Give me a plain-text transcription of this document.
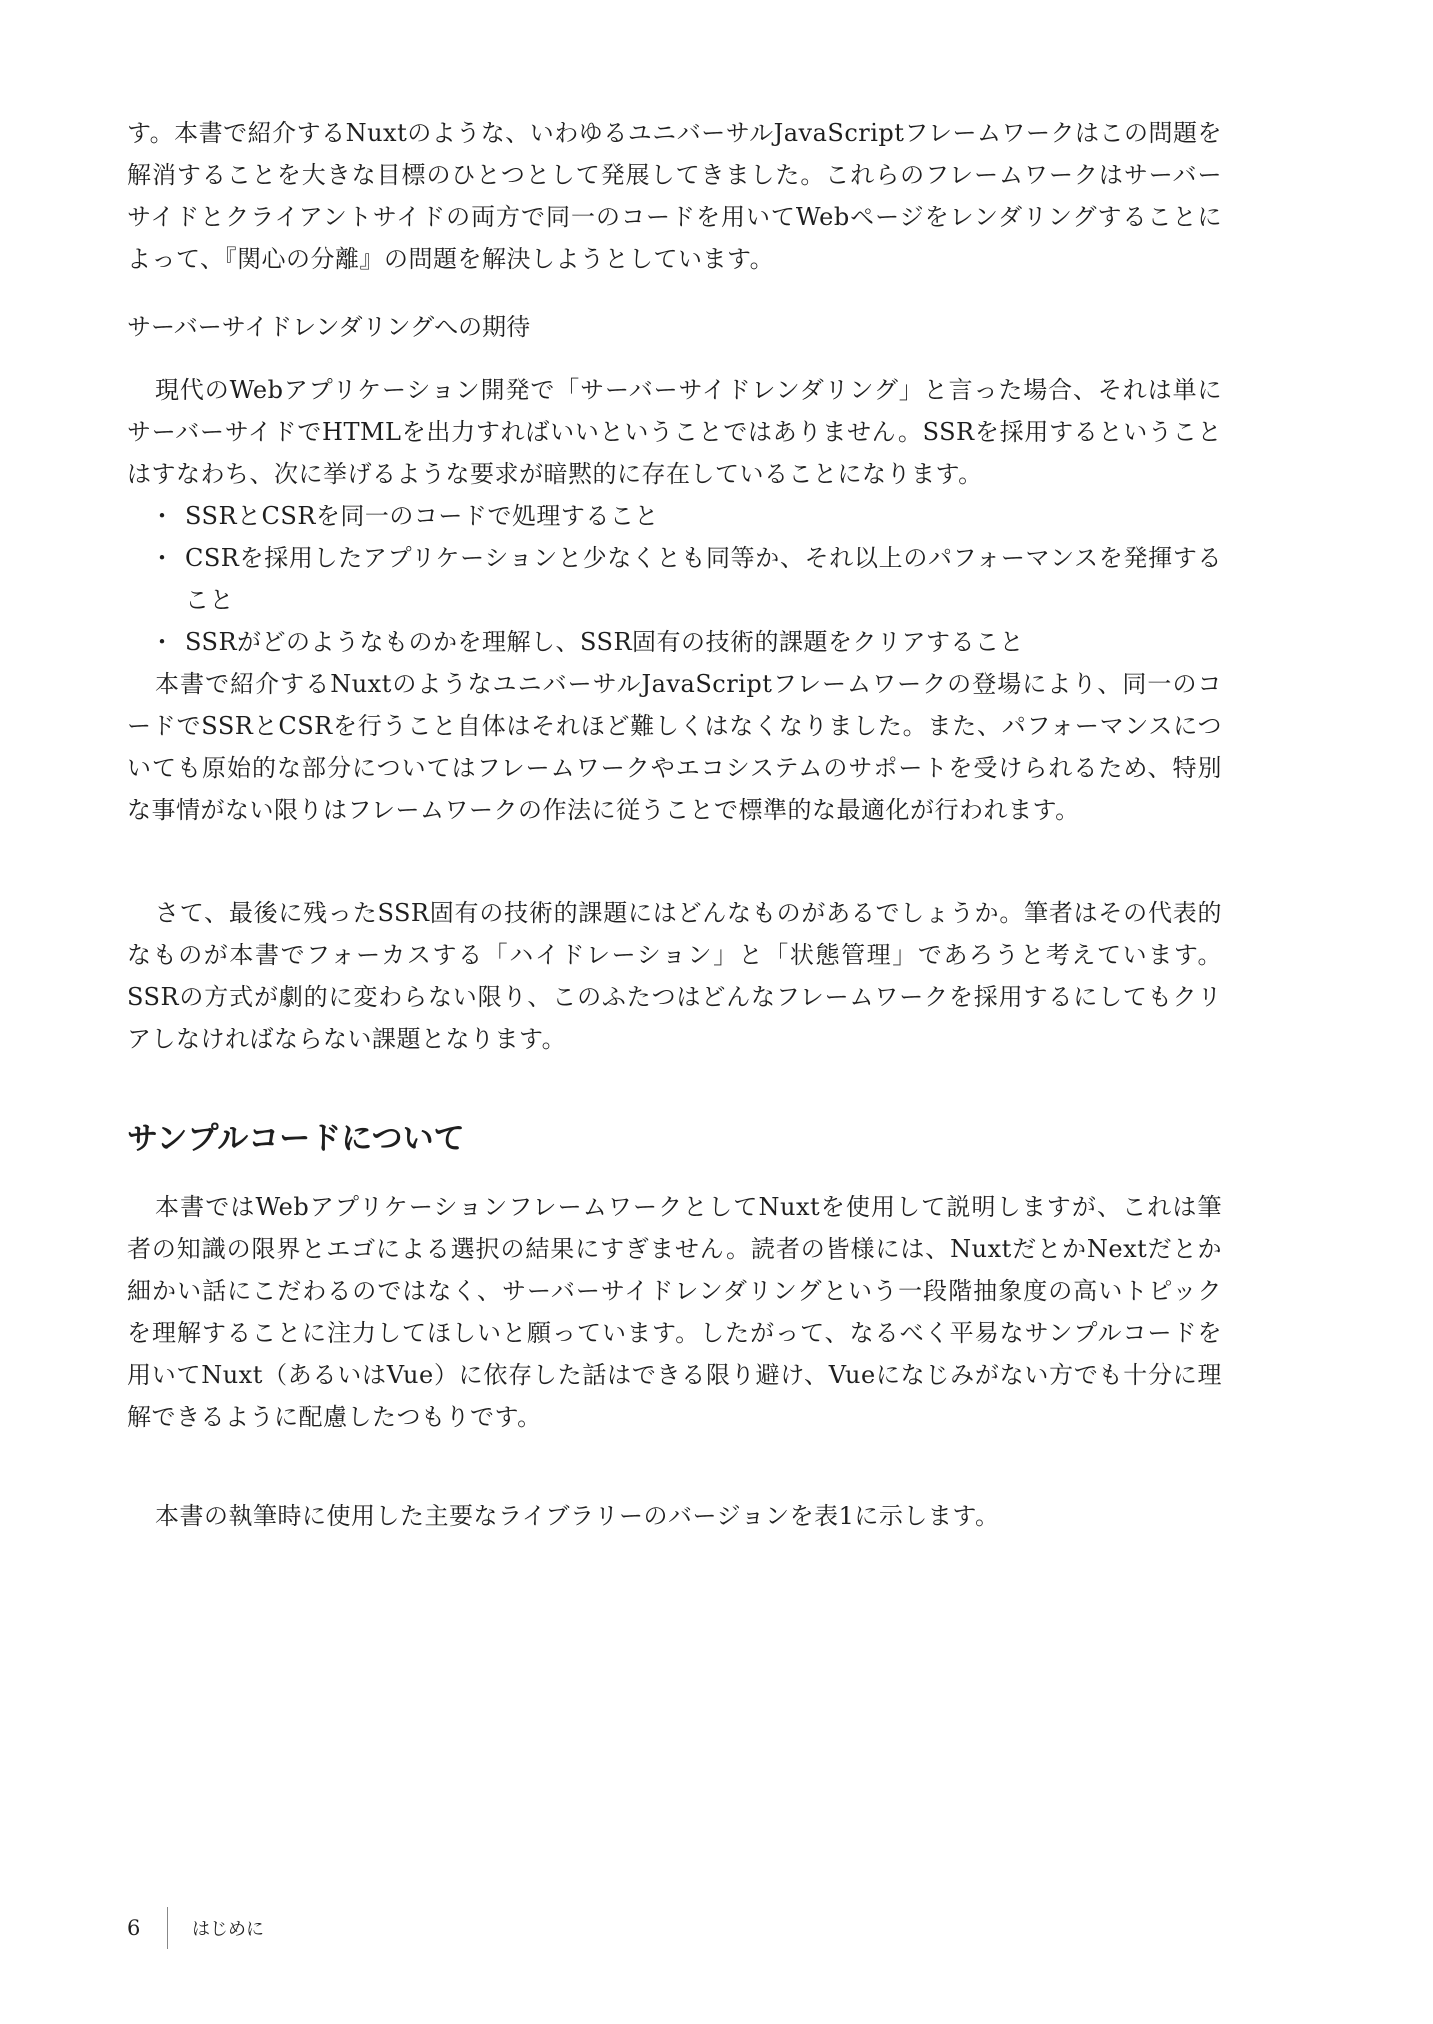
す。本書で紹介するNuxtのような、いわゆるユニバーサルJavaScriptフレームワークはこの問題を解消することを大きな目標のひとつとして発展してきました。これらのフレームワークはサーバーサイドとクライアントサイドの両方で同一のコードを用いてWebページをレンダリングすることによって、『関心の分離』の問題を解決しようとしています。

サーバーサイドレンダリングへの期待

現代のWebアプリケーション開発で「サーバーサイドレンダリング」と言った場合、それは単にサーバーサイドでHTMLを出力すればいいということではありません。SSRを採用するということはすなわち、次に挙げるような要求が暗黙的に存在していることになります。

・ SSRとCSRを同一のコードで処理すること
・ CSRを採用したアプリケーションと少なくとも同等か、それ以上のパフォーマンスを発揮すること
・ SSRがどのようなものかを理解し、SSR固有の技術的課題をクリアすること

本書で紹介するNuxtのようなユニバーサルJavaScriptフレームワークの登場により、同一のコードでSSRとCSRを行うこと自体はそれほど難しくはなくなりました。また、パフォーマンスについても原始的な部分についてはフレームワークやエコシステムのサポートを受けられるため、特別な事情がない限りはフレームワークの作法に従うことで標準的な最適化が行われます。

さて、最後に残ったSSR固有の技術的課題にはどんなものがあるでしょうか。筆者はその代表的なものが本書でフォーカスする「ハイドレーション」と「状態管理」であろうと考えています。SSRの方式が劇的に変わらない限り、このふたつはどんなフレームワークを採用するにしてもクリアしなければならない課題となります。

サンプルコードについて

本書ではWebアプリケーションフレームワークとしてNuxtを使用して説明しますが、これは筆者の知識の限界とエゴによる選択の結果にすぎません。読者の皆様には、NuxtだとかNextだとか細かい話にこだわるのではなく、サーバーサイドレンダリングという一段階抽象度の高いトピックを理解することに注力してほしいと願っています。したがって、なるべく平易なサンプルコードを用いてNuxt（あるいはVue）に依存した話はできる限り避け、Vueになじみがない方でも十分に理解できるように配慮したつもりです。

本書の執筆時に使用した主要なライブラリーのバージョンを表1に示します。

6	はじめに
